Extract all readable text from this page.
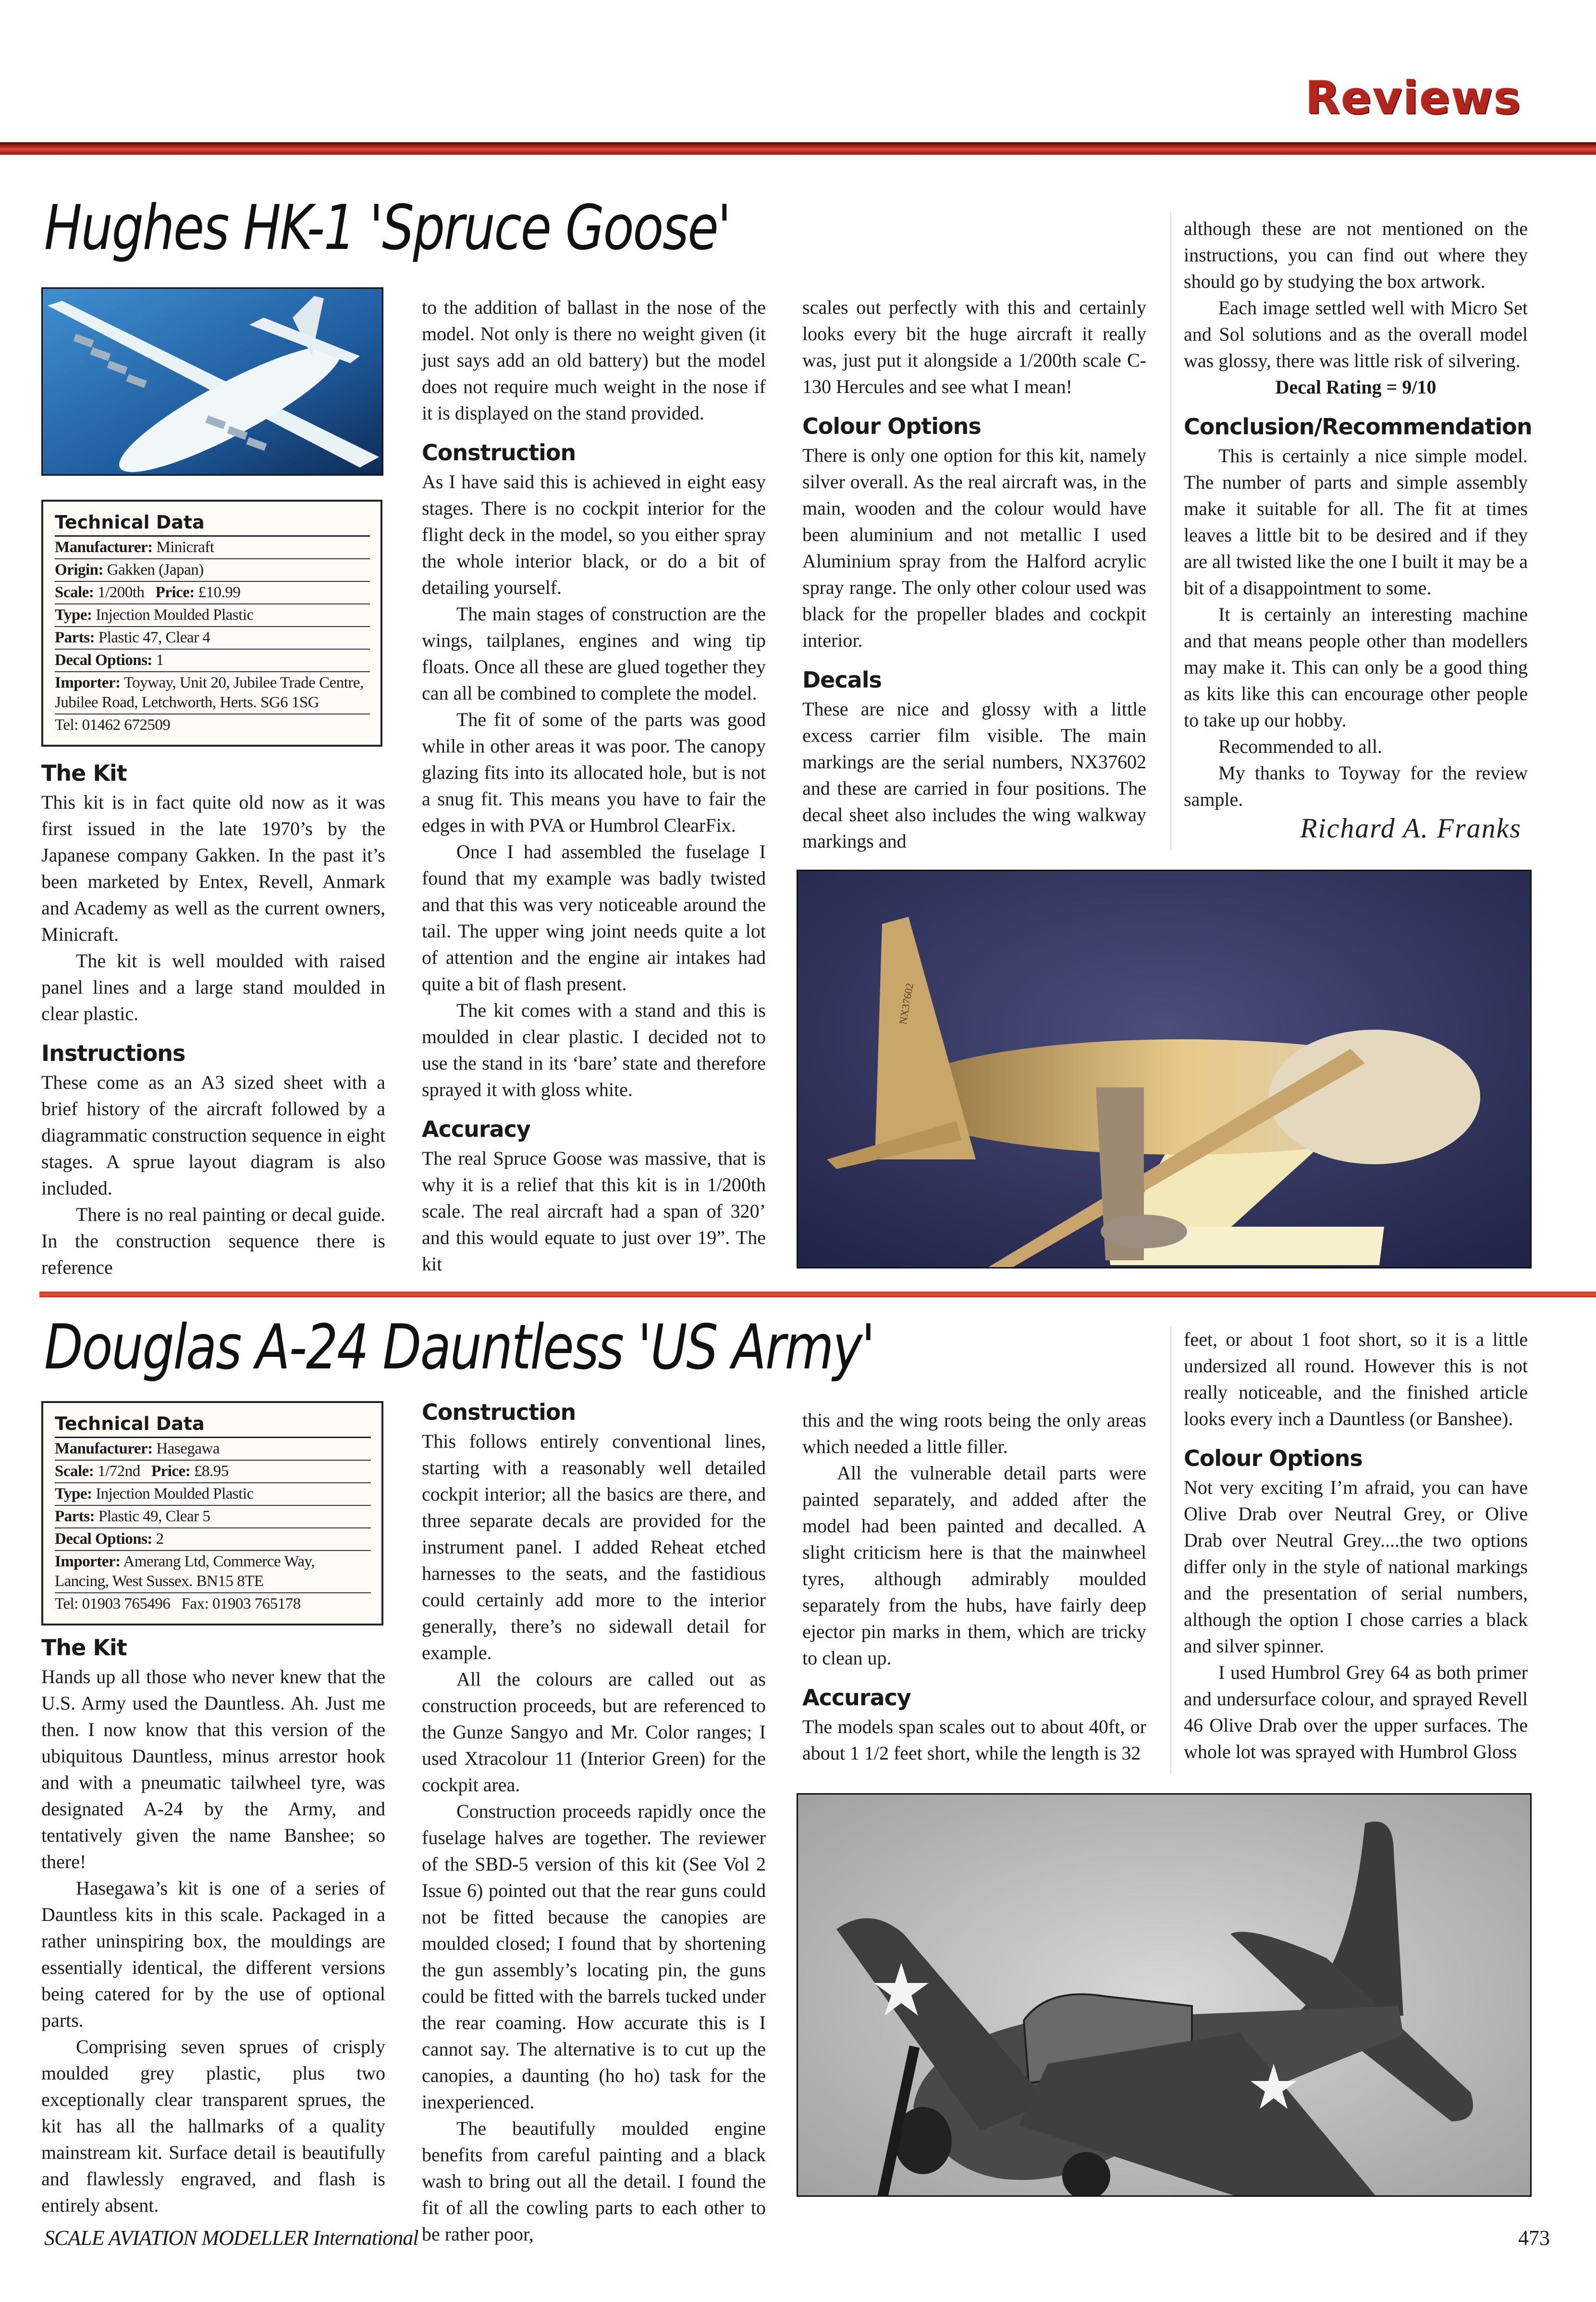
Reviews
Hughes HK-1 'Spruce Goose'
Technical Data
Manufacturer: Minicraft
Origin: Gakken (Japan)
Scale: 1/200th Price: £10.99
Type: Injection Moulded Plastic
Parts: Plastic 47, Clear 4
Decal Options: 1
Importer: Toyway, Unit 20, Jubilee Trade Centre, Jubilee Road, Letchworth, Herts. SG6 1SG
Tel: 01462 672509
The Kit

This kit is in fact quite old now as it was first issued in the late 1970’s by the Japanese company Gakken. In the past it’s been marketed by Entex, Revell, Anmark and Academy as well as the current owners, Minicraft.

The kit is well moulded with raised panel lines and a large stand moulded in clear plastic.

Instructions

These come as an A3 sized sheet with a brief history of the aircraft followed by a diagrammatic construction sequence in eight stages. A sprue layout diagram is also included.

There is no real painting or decal guide. In the construction sequence there is reference

to the addition of ballast in the nose of the model. Not only is there no weight given (it just says add an old battery) but the model does not require much weight in the nose if it is displayed on the stand provided.

Construction

As I have said this is achieved in eight easy stages. There is no cockpit interior for the flight deck in the model, so you either spray the whole interior black, or do a bit of detailing yourself.

The main stages of construction are the wings, tailplanes, engines and wing tip floats. Once all these are glued together they can all be combined to complete the model.

The fit of some of the parts was good while in other areas it was poor. The canopy glazing fits into its allocated hole, but is not a snug fit. This means you have to fair the edges in with PVA or Humbrol ClearFix.

Once I had assembled the fuselage I found that my example was badly twisted and that this was very noticeable around the tail. The upper wing joint needs quite a lot of attention and the engine air intakes had quite a bit of flash present.

The kit comes with a stand and this is moulded in clear plastic. I decided not to use the stand in its ‘bare’ state and therefore sprayed it with gloss white.

Accuracy

The real Spruce Goose was massive, that is why it is a relief that this kit is in 1/200th scale. The real aircraft had a span of 320’ and this would equate to just over 19”. The kit

scales out perfectly with this and certainly looks every bit the huge aircraft it really was, just put it alongside a 1/200th scale C-130 Hercules and see what I mean!

Colour Options

There is only one option for this kit, namely silver overall. As the real aircraft was, in the main, wooden and the colour would have been aluminium and not metallic I used Aluminium spray from the Halford acrylic spray range. The only other colour used was black for the propeller blades and cockpit interior.

Decals

These are nice and glossy with a little excess carrier film visible. The main markings are the serial numbers, NX37602 and these are carried in four positions. The decal sheet also includes the wing walkway markings and

although these are not mentioned on the instructions, you can find out where they should go by studying the box artwork.

Each image settled well with Micro Set and Sol solutions and as the overall model was glossy, there was little risk of silvering.

Decal Rating = 9/10

Conclusion/Recommendation

This is certainly a nice simple model. The number of parts and simple assembly make it suitable for all. The fit at times leaves a little bit to be desired and if they are all twisted like the one I built it may be a bit of a disappointment to some.

It is certainly an interesting machine and that means people other than modellers may make it. This can only be a good thing as kits like this can encourage other people to take up our hobby.

Recommended to all.

My thanks to Toyway for the review sample.

Richard A. Franks
NX37602
Douglas A-24 Dauntless 'US Army'
Technical Data
Manufacturer: Hasegawa
Scale: 1/72nd Price: £8.95
Type: Injection Moulded Plastic
Parts: Plastic 49, Clear 5
Decal Options: 2
Importer: Amerang Ltd, Commerce Way, Lancing, West Sussex. BN15 8TE
Tel: 01903 765496   Fax: 01903 765178
The Kit

Hands up all those who never knew that the U.S. Army used the Dauntless. Ah. Just me then. I now know that this version of the ubiquitous Dauntless, minus arrestor hook and with a pneumatic tailwheel tyre, was designated A-24 by the Army, and tentatively given the name Banshee; so there!

Hasegawa’s kit is one of a series of Dauntless kits in this scale. Packaged in a rather uninspiring box, the mouldings are essentially identical, the different versions being catered for by the use of optional parts.

Comprising seven sprues of crisply moulded grey plastic, plus two exceptionally clear transparent sprues, the kit has all the hallmarks of a quality mainstream kit. Surface detail is beautifully and flawlessly engraved, and flash is entirely absent.

Construction

This follows entirely conventional lines, starting with a reasonably well detailed cockpit interior; all the basics are there, and three separate decals are provided for the instrument panel. I added Reheat etched harnesses to the seats, and the fastidious could certainly add more to the interior generally, there’s no sidewall detail for example.

All the colours are called out as construction proceeds, but are referenced to the Gunze Sangyo and Mr. Color ranges; I used Xtracolour 11 (Interior Green) for the cockpit area.

Construction proceeds rapidly once the fuselage halves are together. The reviewer of the SBD-5 version of this kit (See Vol 2 Issue 6) pointed out that the rear guns could not be fitted because the canopies are moulded closed; I found that by shortening the gun assembly’s locating pin, the guns could be fitted with the barrels tucked under the rear coaming. How accurate this is I cannot say. The alternative is to cut up the canopies, a daunting (ho ho) task for the inexperienced.

The beautifully moulded engine benefits from careful painting and a black wash to bring out all the detail. I found the fit of all the cowling parts to each other to be rather poor,

this and the wing roots being the only areas which needed a little filler.

All the vulnerable detail parts were painted separately, and added after the model had been painted and decalled. A slight criticism here is that the mainwheel tyres, although admirably moulded separately from the hubs, have fairly deep ejector pin marks in them, which are tricky to clean up.

Accuracy

The models span scales out to about 40ft, or about 1 1/2 feet short, while the length is 32

feet, or about 1 foot short, so it is a little undersized all round. However this is not really noticeable, and the finished article looks every inch a Dauntless (or Banshee).

Colour Options

Not very exciting I’m afraid, you can have Olive Drab over Neutral Grey, or Olive Drab over Neutral Grey....the two options differ only in the style of national markings and the presentation of serial numbers, although the option I chose carries a black and silver spinner.

I used Humbrol Grey 64 as both primer and undersurface colour, and sprayed Revell 46 Olive Drab over the upper surfaces. The whole lot was sprayed with Humbrol Gloss

SCALE AVIATION MODELLER International	473
